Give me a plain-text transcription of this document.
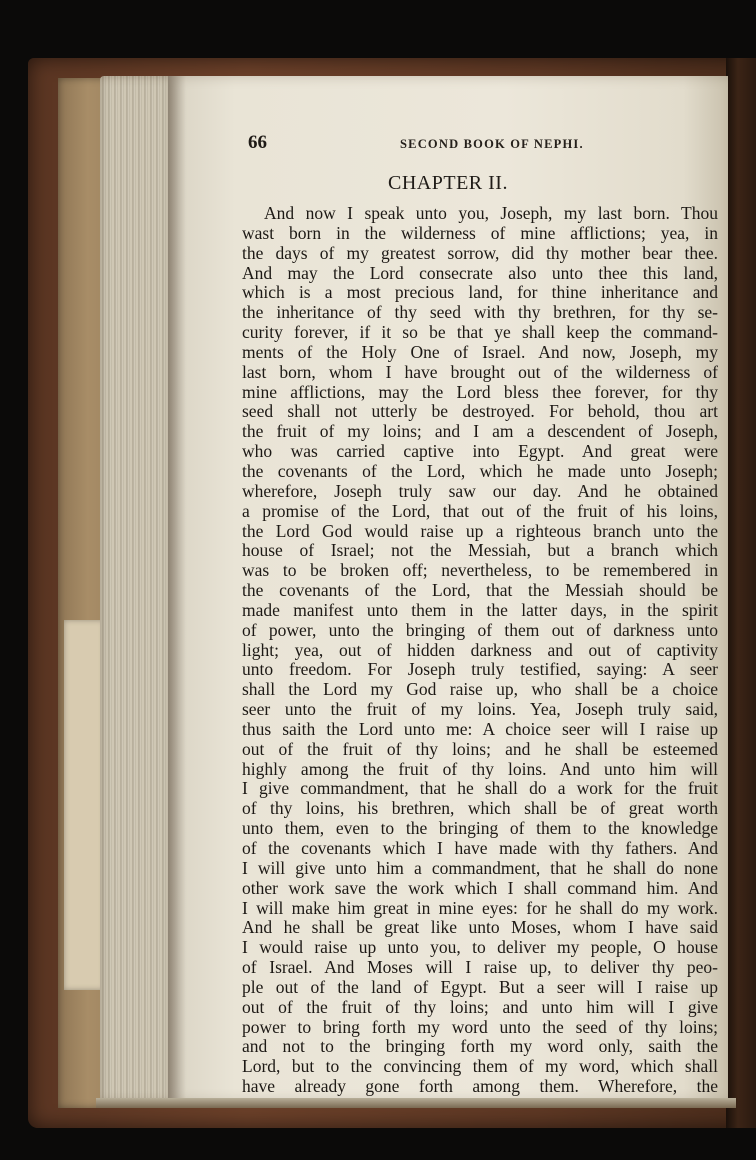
66	SECOND BOOK OF NEPHI.
CHAPTER II.
And now I speak unto you, Joseph, my last born. Thou
wast born in the wilderness of mine afflictions; yea, in
the days of my greatest sorrow, did thy mother bear thee.
And may the Lord consecrate also unto thee this land,
which is a most precious land, for thine inheritance and
the inheritance of thy seed with thy brethren, for thy se-
curity forever, if it so be that ye shall keep the command-
ments of the Holy One of Israel. And now, Joseph, my
last born, whom I have brought out of the wilderness of
mine afflictions, may the Lord bless thee forever, for thy
seed shall not utterly be destroyed. For behold, thou art
the fruit of my loins; and I am a descendent of Joseph,
who was carried captive into Egypt. And great were
the covenants of the Lord, which he made unto Joseph;
wherefore, Joseph truly saw our day. And he obtained
a promise of the Lord, that out of the fruit of his loins,
the Lord God would raise up a righteous branch unto the
house of Israel; not the Messiah, but a branch which
was to be broken off; nevertheless, to be remembered in
the covenants of the Lord, that the Messiah should be
made manifest unto them in the latter days, in the spirit
of power, unto the bringing of them out of darkness unto
light; yea, out of hidden darkness and out of captivity
unto freedom. For Joseph truly testified, saying: A seer
shall the Lord my God raise up, who shall be a choice
seer unto the fruit of my loins. Yea, Joseph truly said,
thus saith the Lord unto me: A choice seer will I raise up
out of the fruit of thy loins; and he shall be esteemed
highly among the fruit of thy loins. And unto him will
I give commandment, that he shall do a work for the fruit
of thy loins, his brethren, which shall be of great worth
unto them, even to the bringing of them to the knowledge
of the covenants which I have made with thy fathers. And
I will give unto him a commandment, that he shall do none
other work save the work which I shall command him. And
I will make him great in mine eyes: for he shall do my work.
And he shall be great like unto Moses, whom I have said
I would raise up unto you, to deliver my people, O house
of Israel. And Moses will I raise up, to deliver thy peo-
ple out of the land of Egypt. But a seer will I raise up
out of the fruit of thy loins; and unto him will I give
power to bring forth my word unto the seed of thy loins;
and not to the bringing forth my word only, saith the
Lord, but to the convincing them of my word, which shall
have already gone forth among them. Wherefore, the
